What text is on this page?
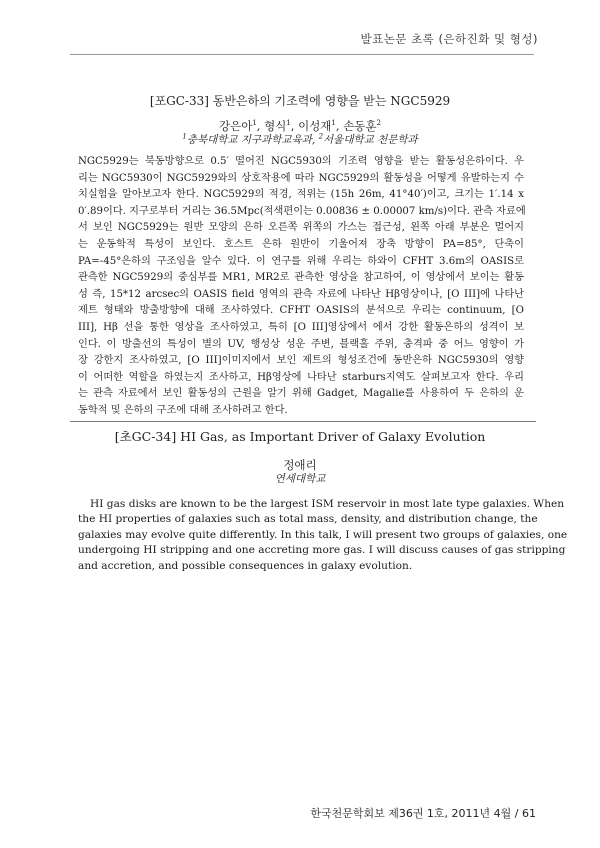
발표논문 초록 (은하진화 및 형성)
[포GC-33] 동반은하의 기조력에 영향을 받는 NGC5929
강은아$^1$, 형식$^1$, 이성재$^1$, 손동훈$^2$
$^1$충북대학교 지구과학교육과, $^2$서울대학교 천문학과
NGC5929는 북동방향으로 0.5′ 떨어진 NGC5930의 기조력 영향을 받는 활동성은하이다. 우
리는 NGC5930이 NGC5929와의 상호작용에 따라 NGC5929의 활동성을 어떻게 유발하는지 수
치실험을 알아보고자 한다. NGC5929의 적경, 적위는 (15h 26m, 41°40′)이고, 크기는 1′.14 x
0′.89이다. 지구로부터 거리는 36.5Mpc(적색편이는 0.00836 ± 0.00007 km/s)이다. 관측 자료에
서 보인 NGC5929는 원반 모양의 은하 오른쪽 위쪽의 가스는 접근성, 왼쪽 아래 부분은 멀어지
는 운동학적 특성이 보인다. 호스트 은하 원반이 기울어져 장축 방향이 PA=85°, 단축이
PA=-45°은하의 구조임을 알수 있다. 이 연구를 위해 우리는 하와이 CFHT 3.6m의 OASIS로
관측한 NGC5929의 중심부를 MR1, MR2로 관측한 영상을 참고하여, 이 영상에서 보이는 활동
성 즉, 15*12 arcsec의 OASIS field 영역의 관측 자료에 나타난 Hβ영상이나, [O III]에 나타난
제트 형태와 방출방향에 대해 조사하였다. CFHT OASIS의 분석으로 우리는 continuum, [O
III], Hβ 선을 통한 영상을 조사하였고, 특히 [O III]영상에서 에서 강한 활동은하의 성격이 보
인다. 이 방출선의 특성이 별의 UV, 행성상 성운 주변, 블랙홀 주위, 충격파 중 어느 영향이 가
장 강한지 조사하였고, [O III]이미지에서 보인 제트의 형성조건에 동반은하 NGC5930의 영향
이 어떠한 역할을 하였는지 조사하고, Hβ영상에 나타난 starburs지역도 살펴보고자 한다. 우리
는 관측 자료에서 보인 활동성의 근원을 알기 위해 Gadget, Magalie를 사용하여 두 은하의 운
동학적 및 은하의 구조에 대해 조사하려고 한다.
[초GC-34] HI Gas, as Important Driver of Galaxy Evolution
정애리
연세대학교
HI gas disks are known to be the largest ISM reservoir in most late type galaxies. When
the HI properties of galaxies such as total mass, density, and distribution change, the
galaxies may evolve quite differently. In this talk, I will present two groups of galaxies, one
undergoing HI stripping and one accreting more gas. I will discuss causes of gas stripping
and accretion, and possible consequences in galaxy evolution.
한국천문학회보 제36권 1호, 2011년 4월 / 61
